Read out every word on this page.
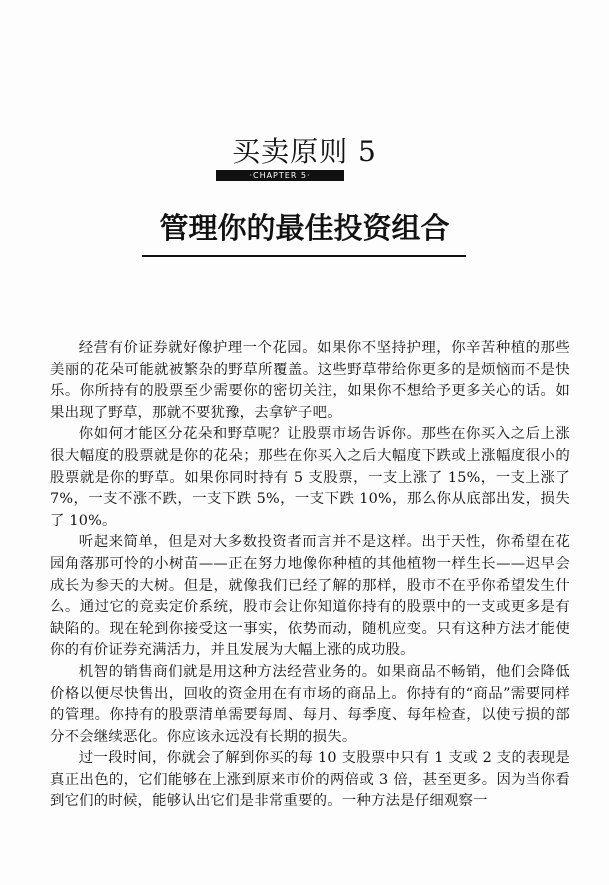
买卖原则 5
·CHAPTER 5·
管理你的最佳投资组合

经营有价证券就好像护理一个花园。如果你不坚持护理，你辛苦种植的那些美丽的花朵可能就被繁杂的野草所覆盖。这些野草带给你更多的是烦恼而不是快乐。你所持有的股票至少需要你的密切关注，如果你不想给予更多关心的话。如果出现了野草，那就不要犹豫，去拿铲子吧。

你如何才能区分花朵和野草呢？让股票市场告诉你。那些在你买入之后上涨很大幅度的股票就是你的花朵；那些在你买入之后大幅度下跌或上涨幅度很小的股票就是你的野草。如果你同时持有 5 支股票，一支上涨了 15%，一支上涨了 7%，一支不涨不跌，一支下跌 5%，一支下跌 10%，那么你从底部出发，损失了 10%。

听起来简单，但是对大多数投资者而言并不是这样。出于天性，你希望在花园角落那可怜的小树苗——正在努力地像你种植的其他植物一样生长——迟早会成长为参天的大树。但是，就像我们已经了解的那样，股市不在乎你希望发生什么。通过它的竞卖定价系统，股市会让你知道你持有的股票中的一支或更多是有缺陷的。现在轮到你接受这一事实，依势而动，随机应变。只有这种方法才能使你的有价证券充满活力，并且发展为大幅上涨的成功股。

机智的销售商们就是用这种方法经营业务的。如果商品不畅销，他们会降低价格以便尽快售出，回收的资金用在有市场的商品上。你持有的“商品”需要同样的管理。你持有的股票清单需要每周、每月、每季度、每年检查，以使亏损的部分不会继续恶化。你应该永远没有长期的损失。

过一段时间，你就会了解到你买的每 10 支股票中只有 1 支或 2 支的表现是真正出色的，它们能够在上涨到原来市价的两倍或 3 倍，甚至更多。因为当你看到它们的时候，能够认出它们是非常重要的。一种方法是仔细观察一
